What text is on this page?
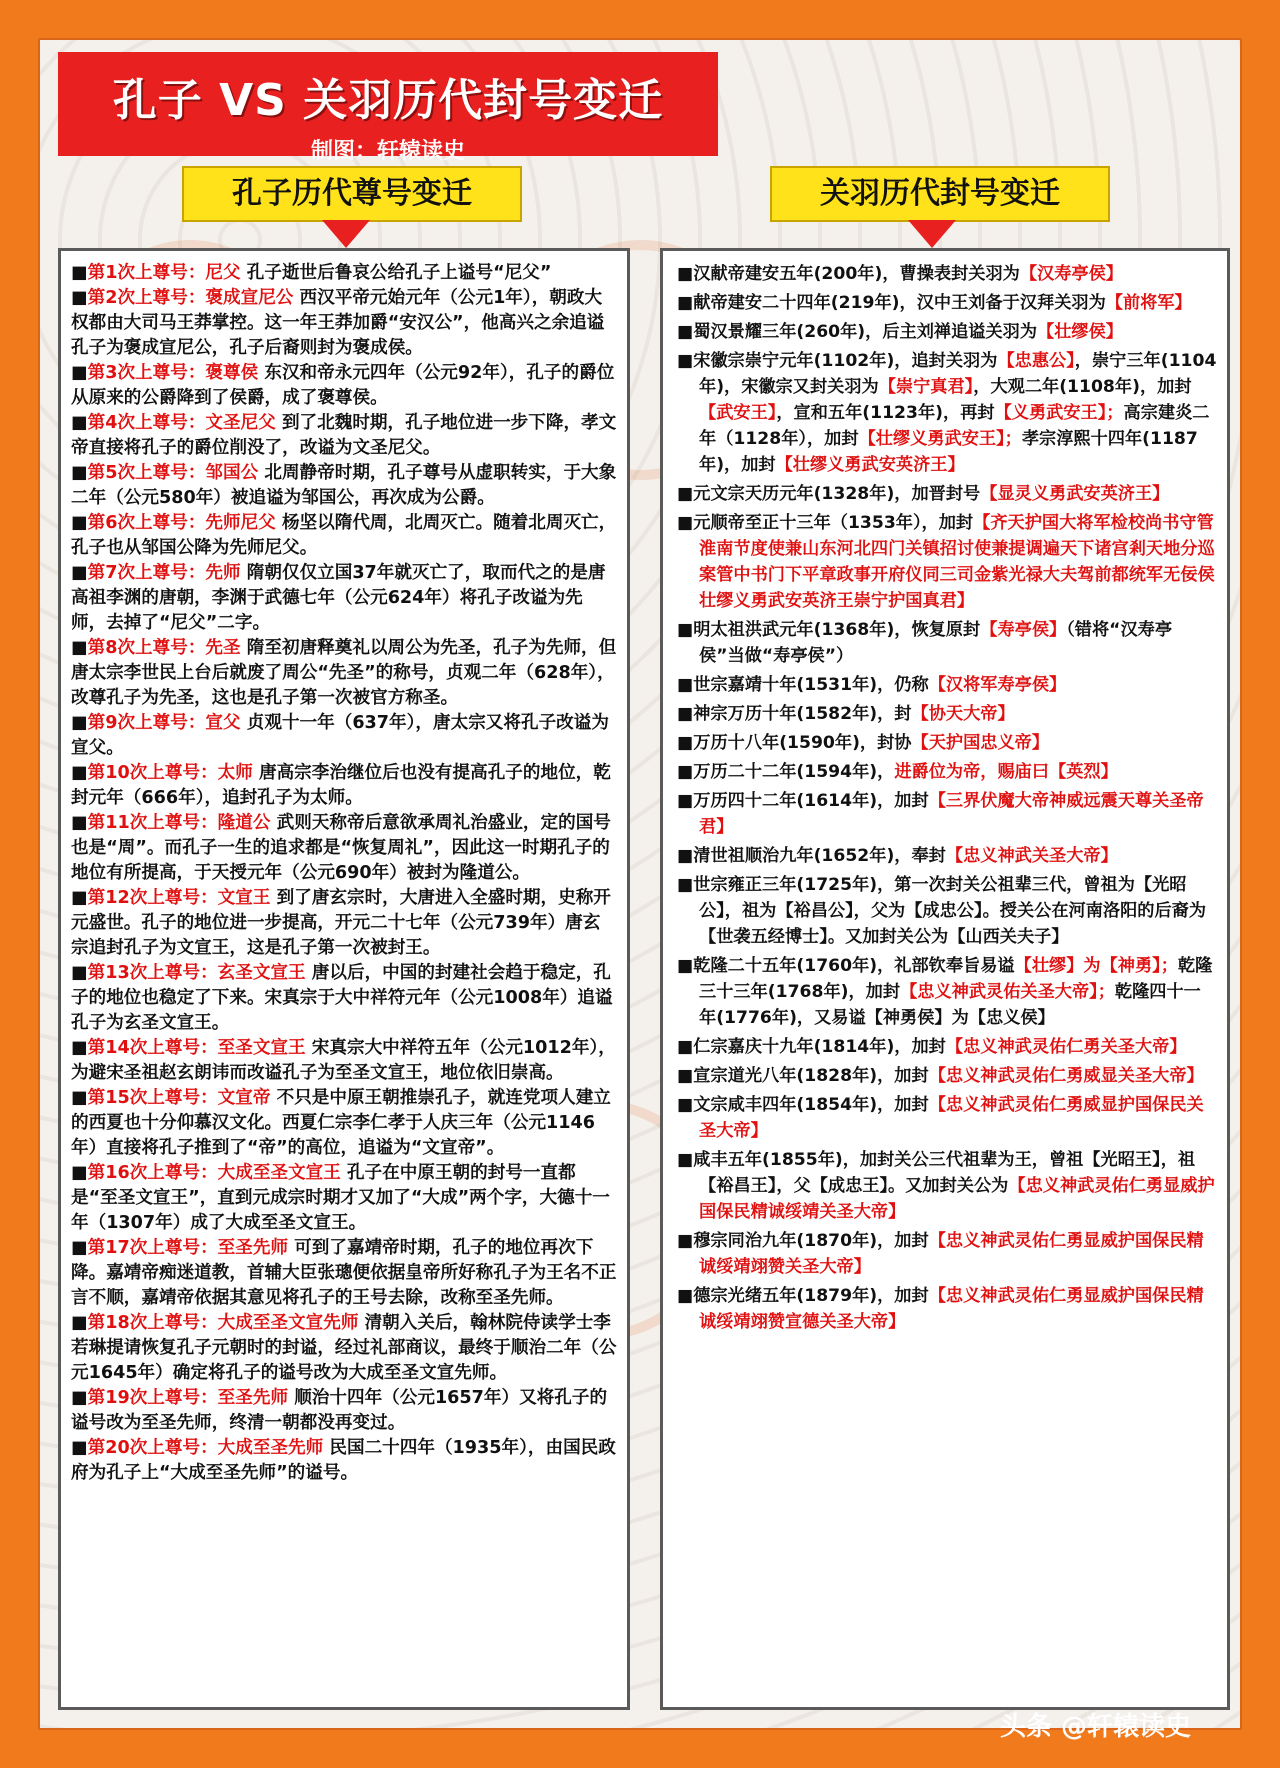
孔子 VS 关羽历代封号变迁
制图：轩辕读史
孔子历代尊号变迁	关羽历代封号变迁
■第1次上尊号：尼父 孔子逝世后鲁哀公给孔子上谥号“尼父”
■第2次上尊号：褒成宣尼公 西汉平帝元始元年（公元1年），朝政大权都由大司马王莽掌控。这一年王莽加爵“安汉公”，他高兴之余追谥孔子为褒成宣尼公，孔子后裔则封为褒成侯。
■第3次上尊号：褒尊侯 东汉和帝永元四年（公元92年），孔子的爵位从原来的公爵降到了侯爵，成了褒尊侯。
■第4次上尊号：文圣尼父 到了北魏时期，孔子地位进一步下降，孝文帝直接将孔子的爵位削没了，改谥为文圣尼父。
■第5次上尊号：邹国公 北周静帝时期，孔子尊号从虚职转实，于大象二年（公元580年）被追谥为邹国公，再次成为公爵。
■第6次上尊号：先师尼父 杨坚以隋代周，北周灭亡。随着北周灭亡，孔子也从邹国公降为先师尼父。
■第7次上尊号：先师 隋朝仅仅立国37年就灭亡了，取而代之的是唐高祖李渊的唐朝，李渊于武德七年（公元624年）将孔子改谥为先师，去掉了“尼父”二字。
■第8次上尊号：先圣 隋至初唐释奠礼以周公为先圣，孔子为先师，但唐太宗李世民上台后就废了周公“先圣”的称号，贞观二年（628年），改尊孔子为先圣，这也是孔子第一次被官方称圣。
■第9次上尊号：宣父 贞观十一年（637年），唐太宗又将孔子改谥为宣父。
■第10次上尊号：太师 唐高宗李治继位后也没有提高孔子的地位，乾封元年（666年），追封孔子为太师。
■第11次上尊号：隆道公 武则天称帝后意欲承周礼治盛业，定的国号也是“周”。而孔子一生的追求都是“恢复周礼”，因此这一时期孔子的地位有所提高，于天授元年（公元690年）被封为隆道公。
■第12次上尊号：文宣王 到了唐玄宗时，大唐进入全盛时期，史称开元盛世。孔子的地位进一步提高，开元二十七年（公元739年）唐玄宗追封孔子为文宣王，这是孔子第一次被封王。
■第13次上尊号：玄圣文宣王 唐以后，中国的封建社会趋于稳定，孔子的地位也稳定了下来。宋真宗于大中祥符元年（公元1008年）追谥孔子为玄圣文宣王。
■第14次上尊号：至圣文宣王 宋真宗大中祥符五年（公元1012年），为避宋圣祖赵玄朗讳而改谥孔子为至圣文宣王，地位依旧崇高。
■第15次上尊号：文宣帝 不只是中原王朝推崇孔子，就连党项人建立的西夏也十分仰慕汉文化。西夏仁宗李仁孝于人庆三年（公元1146年）直接将孔子推到了“帝”的高位，追谥为“文宣帝”。
■第16次上尊号：大成至圣文宣王 孔子在中原王朝的封号一直都是“至圣文宣王”，直到元成宗时期才又加了“大成”两个字，大德十一年（1307年）成了大成至圣文宣王。
■第17次上尊号：至圣先师 可到了嘉靖帝时期，孔子的地位再次下降。嘉靖帝痴迷道教，首辅大臣张璁便依据皇帝所好称孔子为王名不正言不顺，嘉靖帝依据其意见将孔子的王号去除，改称至圣先师。
■第18次上尊号：大成至圣文宣先师 清朝入关后，翰林院侍读学士李若琳提请恢复孔子元朝时的封谥，经过礼部商议，最终于顺治二年（公元1645年）确定将孔子的谥号改为大成至圣文宣先师。
■第19次上尊号：至圣先师 顺治十四年（公元1657年）又将孔子的谥号改为至圣先师，终清一朝都没再变过。
■第20次上尊号：大成至圣先师 民国二十四年（1935年），由国民政府为孔子上“大成至圣先师”的谥号。
■汉献帝建安五年(200年)，曹操表封关羽为【汉寿亭侯】
■献帝建安二十四年(219年)，汉中王刘备于汉拜关羽为【前将军】
■蜀汉景耀三年(260年)，后主刘禅追谥关羽为【壮缪侯】
■宋徽宗崇宁元年(1102年)，追封关羽为【忠惠公】，崇宁三年(1104年)，宋徽宗又封关羽为【崇宁真君】，大观二年(1108年)，加封【武安王】，宣和五年(1123年)，再封【义勇武安王】；高宗建炎二年（1128年），加封【壮缪义勇武安王】；孝宗淳熙十四年(1187年)，加封【壮缪义勇武安英济王】
■元文宗天历元年(1328年)，加晋封号【显灵义勇武安英济王】
■元顺帝至正十三年（1353年），加封【齐天护国大将军检校尚书守管淮南节度使兼山东河北四门关镇招讨使兼提调遍天下诸宫剎天地分巡案管中书门下平章政事开府仪同三司金紫光禄大夫驾前都统军无佞侯壮缪义勇武安英济王崇宁护国真君】
■明太祖洪武元年(1368年)，恢复原封【寿亭侯】（错将“汉寿亭侯”当做“寿亭侯”）
■世宗嘉靖十年(1531年)，仍称【汉将军寿亭侯】
■神宗万历十年(1582年)，封【协天大帝】
■万历十八年(1590年)，封协【天护国忠义帝】
■万历二十二年(1594年)，进爵位为帝，赐庙曰【英烈】
■万历四十二年(1614年)，加封【三界伏魔大帝神威远震天尊关圣帝君】
■清世祖顺治九年(1652年)，奉封【忠义神武关圣大帝】
■世宗雍正三年(1725年)，第一次封关公祖辈三代，曾祖为【光昭公】，祖为【裕昌公】，父为【成忠公】。授关公在河南洛阳的后裔为【世袭五经博士】。又加封关公为【山西关夫子】
■乾隆二十五年(1760年)，礼部钦奉旨易谥【壮缪】为【神勇】；乾隆三十三年(1768年)，加封【忠义神武灵佑关圣大帝】；乾隆四十一年(1776年)，又易谥【神勇侯】为【忠义侯】
■仁宗嘉庆十九年(1814年)，加封【忠义神武灵佑仁勇关圣大帝】
■宣宗道光八年(1828年)，加封【忠义神武灵佑仁勇威显关圣大帝】
■文宗咸丰四年(1854年)，加封【忠义神武灵佑仁勇威显护国保民关圣大帝】
■咸丰五年(1855年)，加封关公三代祖辈为王，曾祖【光昭王】，祖【裕昌王】，父【成忠王】。又加封关公为【忠义神武灵佑仁勇显威护国保民精诚绥靖关圣大帝】
■穆宗同治九年(1870年)，加封【忠义神武灵佑仁勇显威护国保民精诚绥靖翊赞关圣大帝】
■德宗光绪五年(1879年)，加封【忠义神武灵佑仁勇显威护国保民精诚绥靖翊赞宣德关圣大帝】
头条 @轩辕读史
